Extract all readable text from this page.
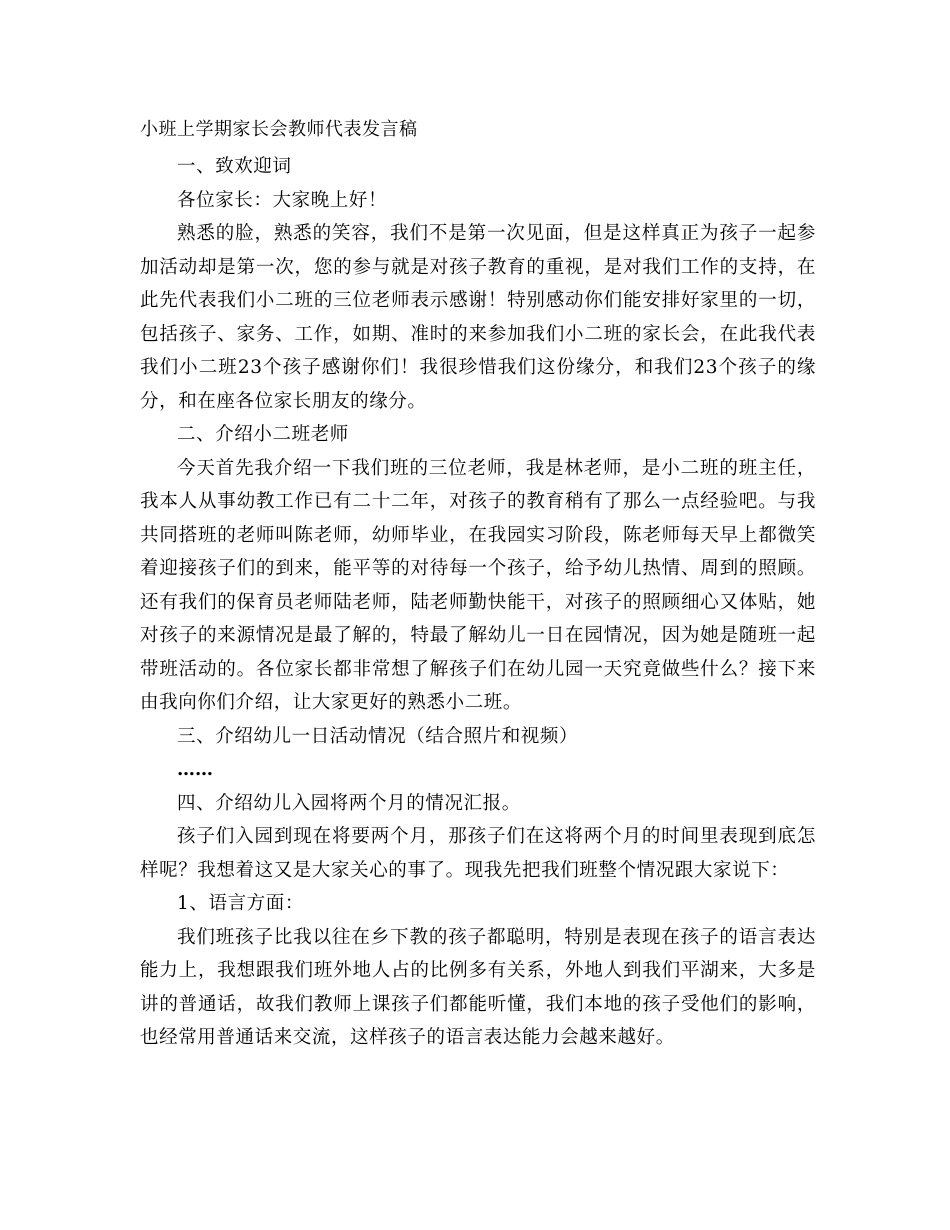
小班上学期家长会教师代表发言稿

一、致欢迎词

各位家长：大家晚上好！

熟悉的脸，熟悉的笑容，我们不是第一次见面，但是这样真正为孩子一起参加活动却是第一次，您的参与就是对孩子教育的重视，是对我们工作的支持，在此先代表我们小二班的三位老师表示感谢！特别感动你们能安排好家里的一切，包括孩子、家务、工作，如期、准时的来参加我们小二班的家长会，在此我代表我们小二班23个孩子感谢你们！我很珍惜我们这份缘分，和我们23个孩子的缘分，和在座各位家长朋友的缘分。

二、介绍小二班老师

今天首先我介绍一下我们班的三位老师，我是林老师，是小二班的班主任，我本人从事幼教工作已有二十二年，对孩子的教育稍有了那么一点经验吧。与我共同搭班的老师叫陈老师，幼师毕业，在我园实习阶段，陈老师每天早上都微笑着迎接孩子们的到来，能平等的对待每一个孩子，给予幼儿热情、周到的照顾。还有我们的保育员老师陆老师，陆老师勤快能干，对孩子的照顾细心又体贴，她对孩子的来源情况是最了解的，特最了解幼儿一日在园情况，因为她是随班一起带班活动的。各位家长都非常想了解孩子们在幼儿园一天究竟做些什么？接下来由我向你们介绍，让大家更好的熟悉小二班。

三、介绍幼儿一日活动情况（结合照片和视频）

……

四、介绍幼儿入园将两个月的情况汇报。

孩子们入园到现在将要两个月，那孩子们在这将两个月的时间里表现到底怎样呢？我想着这又是大家关心的事了。现我先把我们班整个情况跟大家说下：

1、语言方面：

我们班孩子比我以往在乡下教的孩子都聪明，特别是表现在孩子的语言表达能力上，我想跟我们班外地人占的比例多有关系，外地人到我们平湖来，大多是讲的普通话，故我们教师上课孩子们都能听懂，我们本地的孩子受他们的影响，也经常用普通话来交流，这样孩子的语言表达能力会越来越好。
